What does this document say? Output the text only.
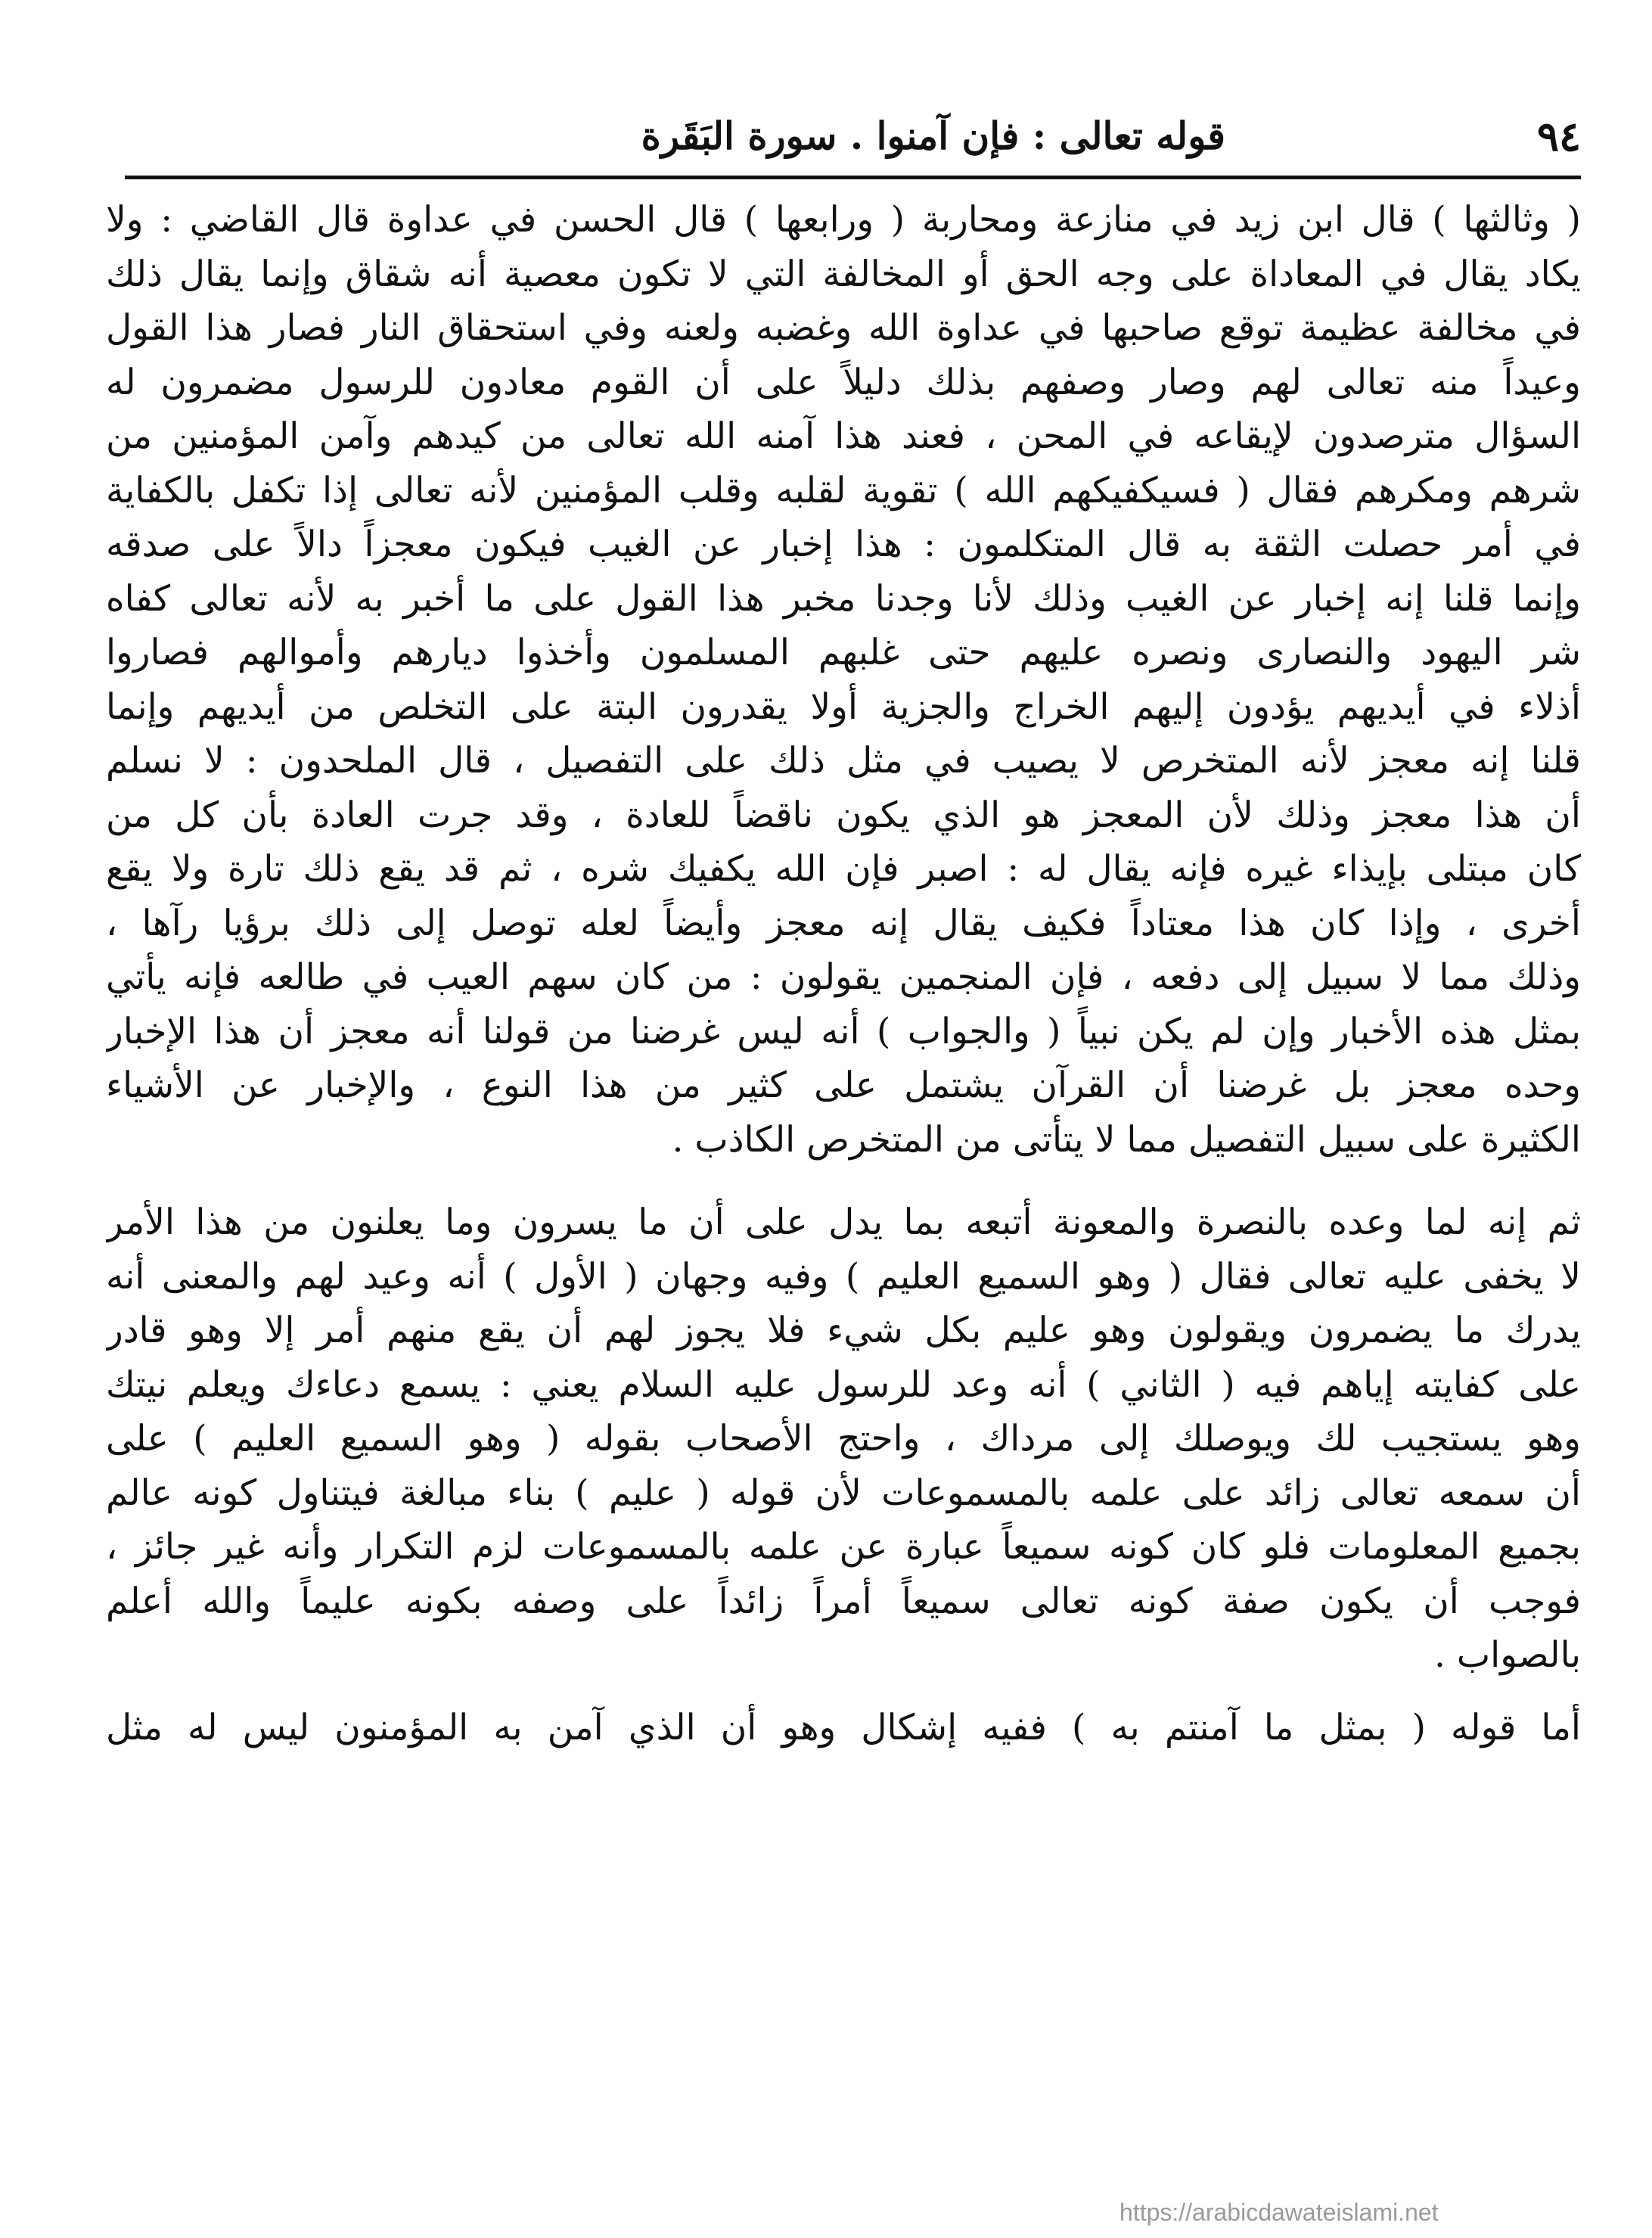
٩٤
قوله تعالى : فإن آمنوا . سورة البَقَرة
( وثالثها ) قال ابن زيد في منازعة ومحاربة ( ورابعها ) قال الحسن في عداوة قال القاضي : ولا
يكاد يقال في المعاداة على وجه الحق أو المخالفة التي لا تكون معصية أنه شقاق وإنما يقال ذلك
في مخالفة عظيمة توقع صاحبها في عداوة الله وغضبه ولعنه وفي استحقاق النار فصار هذا القول
وعيداً منه تعالى لهم وصار وصفهم بذلك دليلاً على أن القوم معادون للرسول مضمرون له
السؤال مترصدون لإيقاعه في المحن ، فعند هذا آمنه الله تعالى من كيدهم وآمن المؤمنين من
شرهم ومكرهم فقال ( فسيكفيكهم الله ) تقوية لقلبه وقلب المؤمنين لأنه تعالى إذا تكفل بالكفاية
في أمر حصلت الثقة به قال المتكلمون : هذا إخبار عن الغيب فيكون معجزاً دالاً على صدقه
وإنما قلنا إنه إخبار عن الغيب وذلك لأنا وجدنا مخبر هذا القول على ما أخبر به لأنه تعالى كفاه
شر اليهود والنصارى ونصره عليهم حتى غلبهم المسلمون وأخذوا ديارهم وأموالهم فصاروا
أذلاء في أيديهم يؤدون إليهم الخراج والجزية أولا يقدرون البتة على التخلص من أيديهم وإنما
قلنا إنه معجز لأنه المتخرص لا يصيب في مثل ذلك على التفصيل ، قال الملحدون : لا نسلم
أن هذا معجز وذلك لأن المعجز هو الذي يكون ناقضاً للعادة ، وقد جرت العادة بأن كل من
كان مبتلى بإيذاء غيره فإنه يقال له : اصبر فإن الله يكفيك شره ، ثم قد يقع ذلك تارة ولا يقع
أخرى ، وإذا كان هذا معتاداً فكيف يقال إنه معجز وأيضاً لعله توصل إلى ذلك برؤيا رآها ،
وذلك مما لا سبيل إلى دفعه ، فإن المنجمين يقولون : من كان سهم العيب في طالعه فإنه يأتي
بمثل هذه الأخبار وإن لم يكن نبياً ( والجواب ) أنه ليس غرضنا من قولنا أنه معجز أن هذا الإخبار
وحده معجز بل غرضنا أن القرآن يشتمل على كثير من هذا النوع ، والإخبار عن الأشياء
الكثيرة على سبيل التفصيل مما لا يتأتى من المتخرص الكاذب .
ثم إنه لما وعده بالنصرة والمعونة أتبعه بما يدل على أن ما يسرون وما يعلنون من هذا الأمر
لا يخفى عليه تعالى فقال ( وهو السميع العليم ) وفيه وجهان ( الأول ) أنه وعيد لهم والمعنى أنه
يدرك ما يضمرون ويقولون وهو عليم بكل شيء فلا يجوز لهم أن يقع منهم أمر إلا وهو قادر
على كفايته إياهم فيه ( الثاني ) أنه وعد للرسول عليه السلام يعني : يسمع دعاءك ويعلم نيتك
وهو يستجيب لك ويوصلك إلى مرداك ، واحتج الأصحاب بقوله ( وهو السميع العليم ) على
أن سمعه تعالى زائد على علمه بالمسموعات لأن قوله ( عليم ) بناء مبالغة فيتناول كونه عالم
بجميع المعلومات فلو كان كونه سميعاً عبارة عن علمه بالمسموعات لزم التكرار وأنه غير جائز ،
فوجب أن يكون صفة كونه تعالى سميعاً أمراً زائداً على وصفه بكونه عليماً والله أعلم
بالصواب .
أما قوله ( بمثل ما آمنتم به ) ففيه إشكال وهو أن الذي آمن به المؤمنون ليس له مثل
https://arabicdawateislami.net
